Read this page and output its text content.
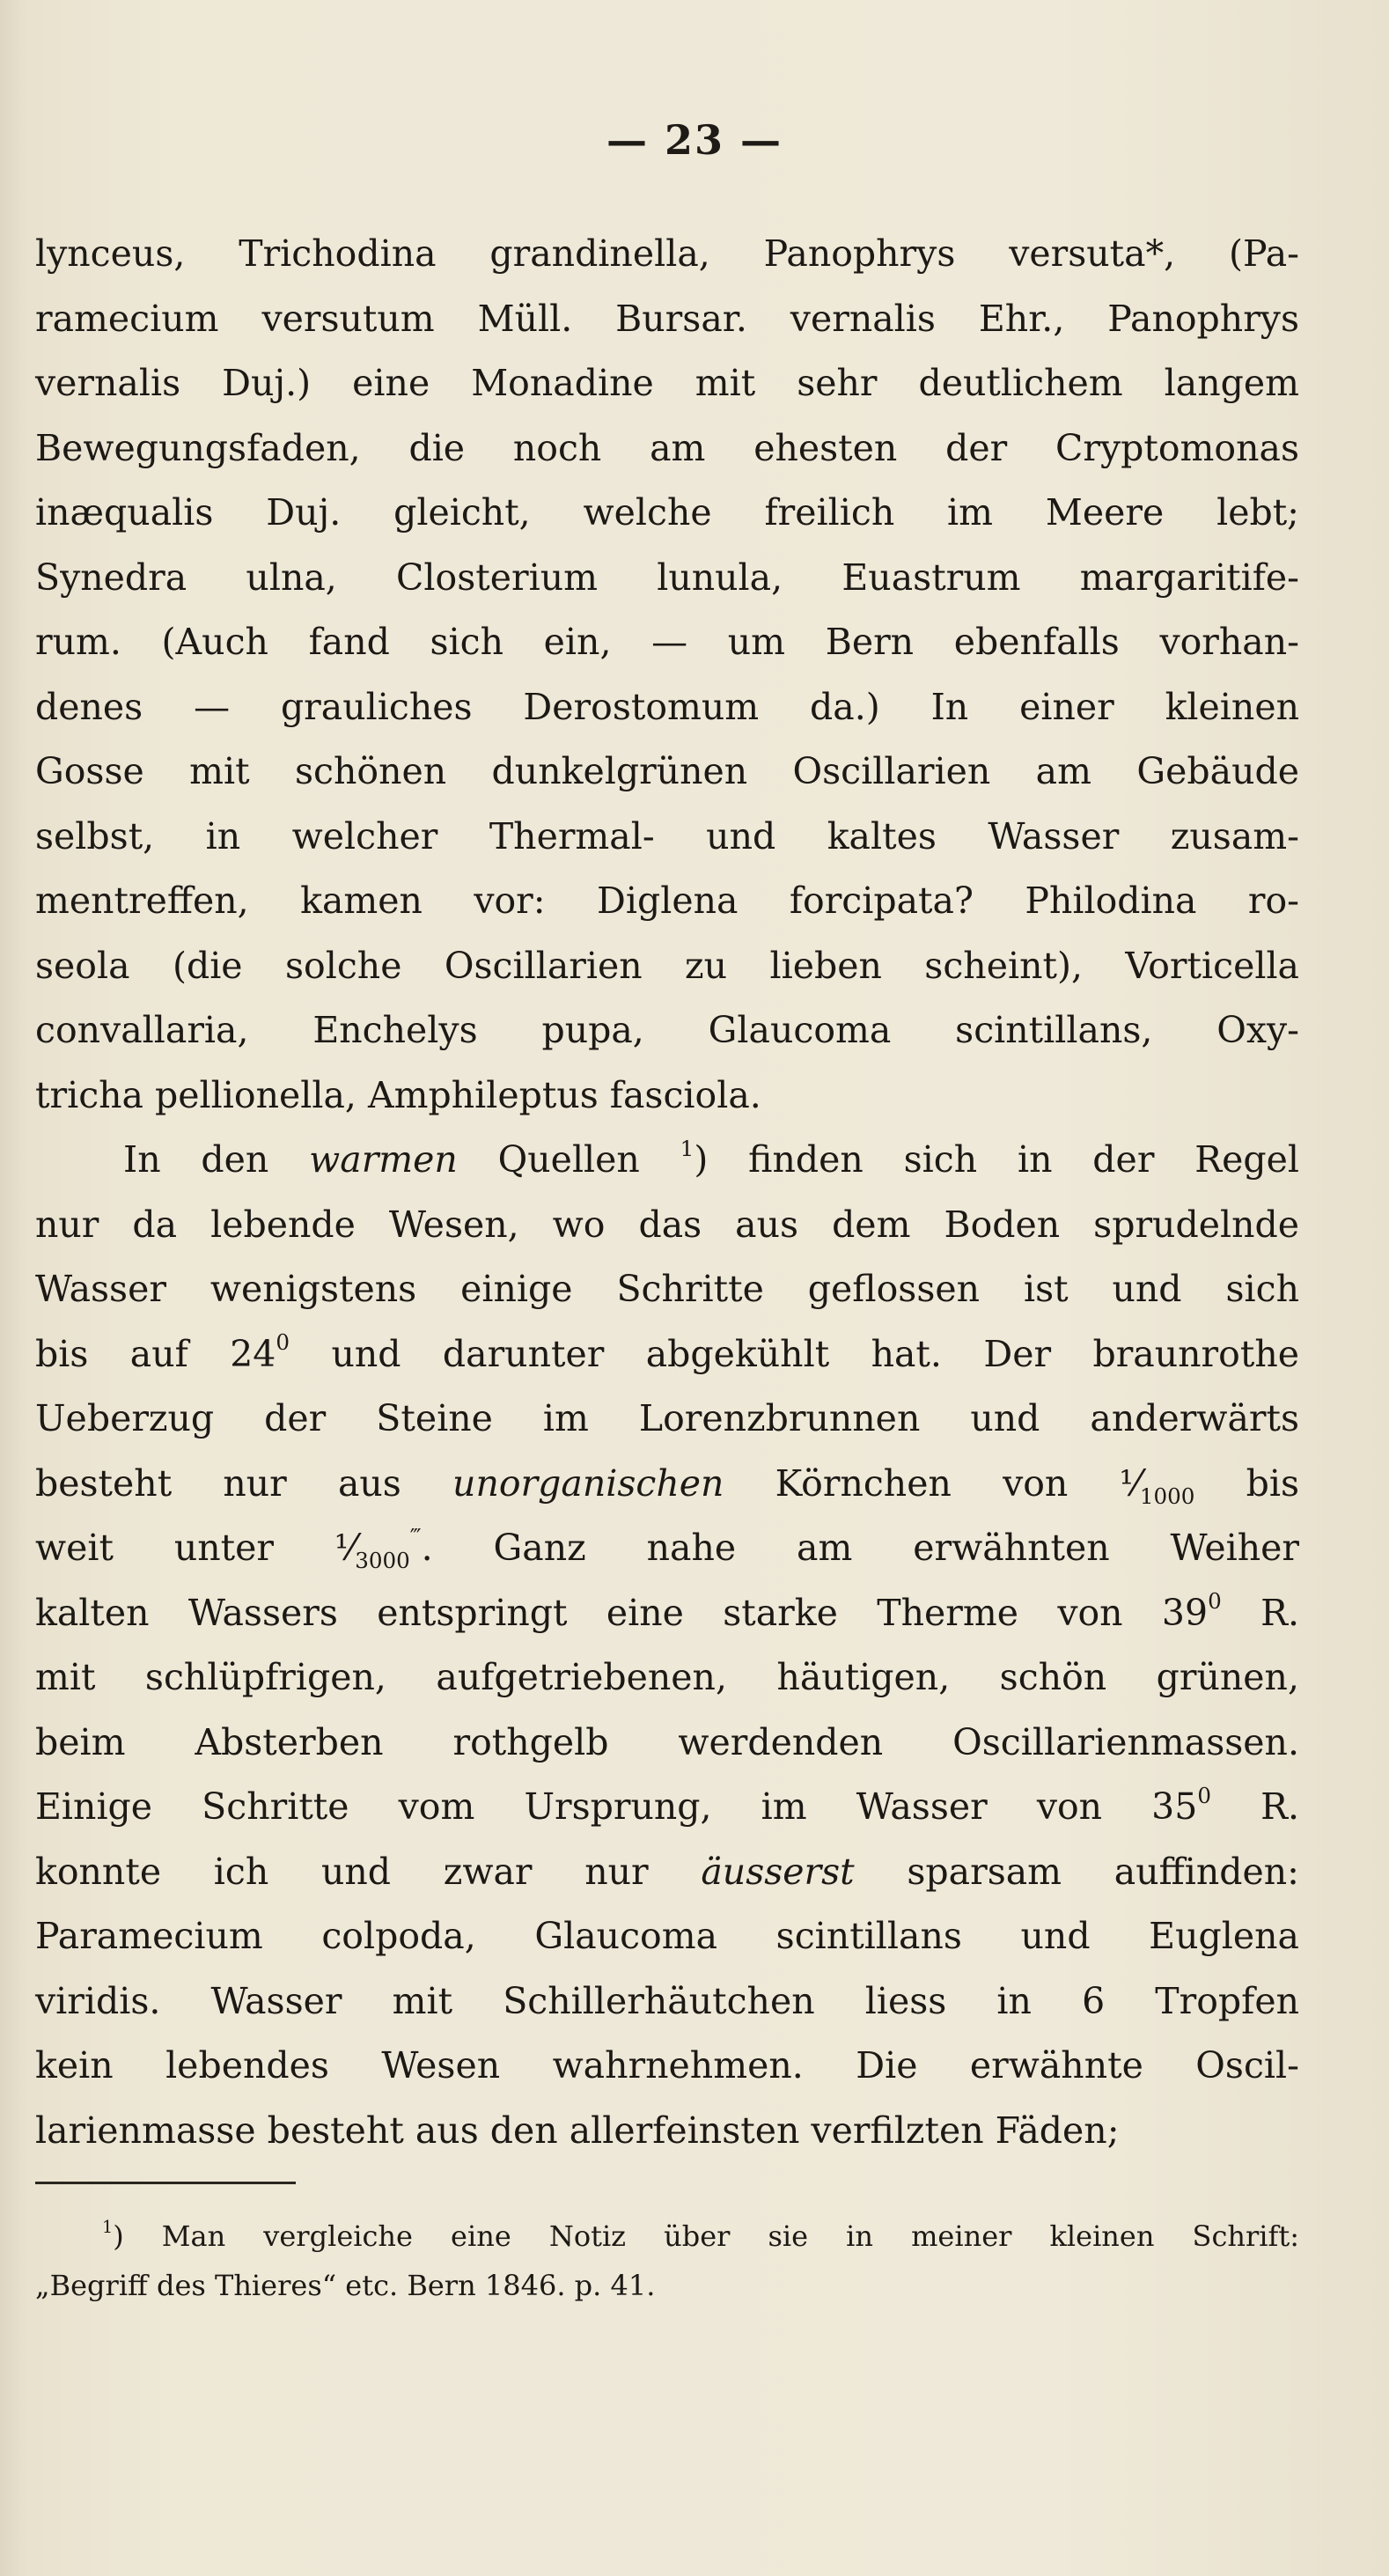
— 23 —
lynceus, Trichodina grandinella, Panophrys versuta*, (Pa-
ramecium versutum Müll. Bursar. vernalis Ehr., Panophrys
vernalis Duj.) eine Monadine mit sehr deutlichem langem
Bewegungsfaden, die noch am ehesten der Cryptomonas
inæqualis Duj. gleicht, welche freilich im Meere lebt;
Synedra ulna, Closterium lunula, Euastrum margaritife-
rum. (Auch fand sich ein, — um Bern ebenfalls vorhan-
denes — grauliches Derostomum da.) In einer kleinen
Gosse mit schönen dunkelgrünen Oscillarien am Gebäude
selbst, in welcher Thermal- und kaltes Wasser zusam-
mentreffen, kamen vor: Diglena forcipata? Philodina ro-
seola (die solche Oscillarien zu lieben scheint), Vorticella
convallaria, Enchelys pupa, Glaucoma scintillans, Oxy-
tricha pellionella, Amphileptus fasciola.
In den warmen Quellen $^1$) finden sich in der Regel
nur da lebende Wesen, wo das aus dem Boden sprudelnde
Wasser wenigstens einige Schritte geflossen ist und sich
bis auf $24^0$ und darunter abgekühlt hat. Der braunrothe
Ueberzug der Steine im Lorenzbrunnen und anderwärts
besteht nur aus unorganischen Körnchen von $^1⁄_{1000}$ bis
weit unter $^1⁄_{3000}^‴$. Ganz nahe am erwähnten Weiher
kalten Wassers entspringt eine starke Therme von $39^0$ R.
mit schlüpfrigen, aufgetriebenen, häutigen, schön grünen,
beim Absterben rothgelb werdenden Oscillarienmassen.
Einige Schritte vom Ursprung, im Wasser von $35^0$ R.
konnte ich und zwar nur äusserst sparsam auffinden:
Paramecium colpoda, Glaucoma scintillans und Euglena
viridis. Wasser mit Schillerhäutchen liess in 6 Tropfen
kein lebendes Wesen wahrnehmen. Die erwähnte Oscil-
larienmasse besteht aus den allerfeinsten verfilzten Fäden;
$^1$) Man vergleiche eine Notiz über sie in meiner kleinen Schrift:
„Begriff des Thieres“ etc. Bern 1846. p. 41.
